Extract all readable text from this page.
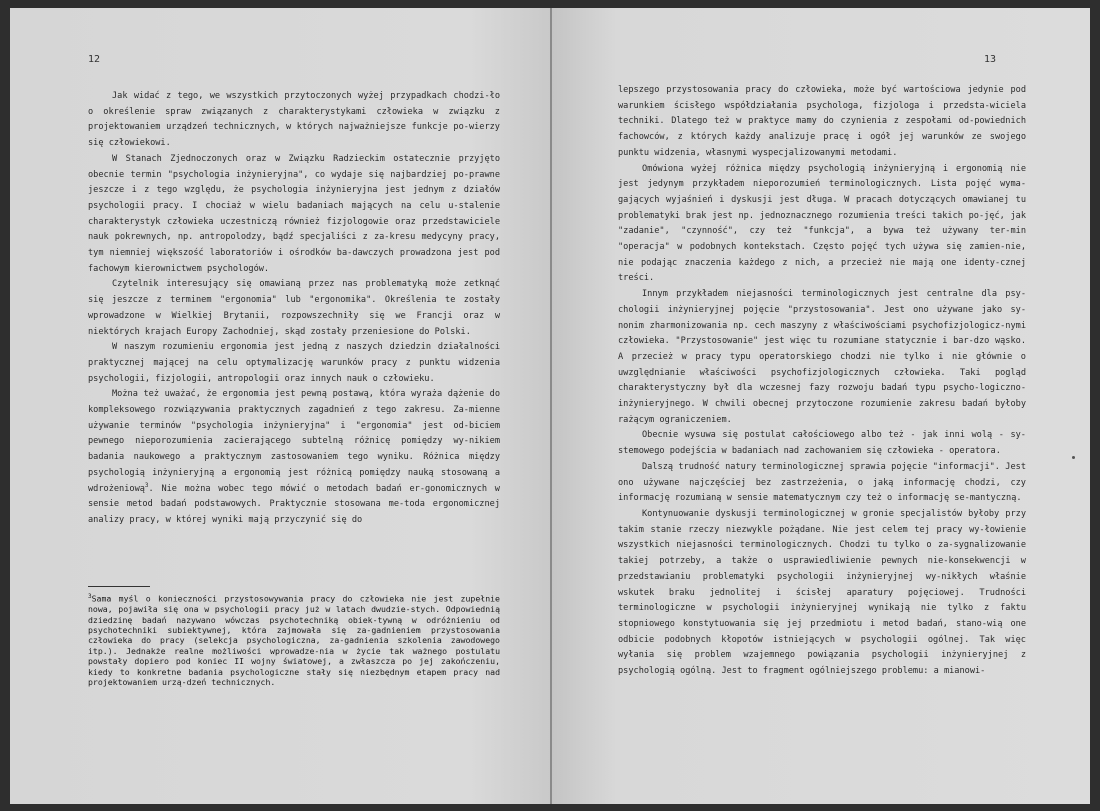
12

Jak widać z tego, we wszystkich przytoczonych wyżej przypadkach chodzi-ło o określenie spraw związanych z charakterystykami człowieka w związku z projektowaniem urządzeń technicznych, w których najważniejsze funkcje po-wierzy się człowiekowi.

W Stanach Zjednoczonych oraz w Związku Radzieckim ostatecznie przyjęto obecnie termin "psychologia inżynieryjna", co wydaje się najbardziej po-prawne jeszcze i z tego względu, że psychologia inżynieryjna jest jednym z działów psychologii pracy. I chociaż w wielu badaniach mających na celu u-stalenie charakterystyk człowieka uczestniczą również fizjologowie oraz przedstawiciele nauk pokrewnych, np. antropolodzy, bądź specjaliści z za-kresu medycyny pracy, tym niemniej większość laboratoriów i ośrodków ba-dawczych prowadzona jest pod fachowym kierownictwem psychologów.

Czytelnik interesujący się omawianą przez nas problematyką może zetknąć się jeszcze z terminem "ergonomia" lub "ergonomika". Określenia te zostały wprowadzone w Wielkiej Brytanii, rozpowszechniły się we Francji oraz w niektórych krajach Europy Zachodniej, skąd zostały przeniesione do Polski.

W naszym rozumieniu ergonomia jest jedną z naszych dziedzin działalności praktycznej mającej na celu optymalizację warunków pracy z punktu widzenia psychologii, fizjologii, antropologii oraz innych nauk o człowieku.

Można też uważać, że ergonomia jest pewną postawą, która wyraża dążenie do kompleksowego rozwiązywania praktycznych zagadnień z tego zakresu. Za-mienne używanie terminów "psychologia inżynieryjna" i "ergonomia" jest od-biciem pewnego nieporozumienia zacierającego subtelną różnicę pomiędzy wy-nikiem badania naukowego a praktycznym zastosowaniem tego wyniku. Różnica między psychologią inżynieryjną a ergonomią jest różnicą pomiędzy nauką stosowaną a wdrożeniową$^3$. Nie można wobec tego mówić o metodach badań er-gonomicznych w sensie metod badań podstawowych. Praktycznie stosowana me-toda ergonomicznej analizy pracy, w której wyniki mają przyczynić się do

$^3$Sama myśl o konieczności przystosowywania pracy do człowieka nie jest zupełnie nowa, pojawiła się ona w psychologii pracy już w latach dwudzie-stych. Odpowiednią dziedzinę badań nazywano wówczas psychotechniką obiek-tywną w odróżnieniu od psychotechniki subiektywnej, która zajmowała się za-gadnieniem przystosowania człowieka do pracy (selekcja psychologiczna, za-gadnienia szkolenia zawodowego itp.). Jednakże realne możliwości wprowadze-nia w życie tak ważnego postulatu powstały dopiero pod koniec II wojny światowej, a zwłaszcza po jej zakończeniu, kiedy to konkretne badania psychologiczne stały się niezbędnym etapem pracy nad projektowaniem urzą-dzeń technicznych.
13

lepszego przystosowania pracy do człowieka, może być wartościowa jedynie pod warunkiem ścisłego współdziałania psychologa, fizjologa i przedsta-wiciela techniki. Dlatego też w praktyce mamy do czynienia z zespołami od-powiednich fachowców, z których każdy analizuje pracę i ogół jej warunków ze swojego punktu widzenia, własnymi wyspecjalizowanymi metodami.

Omówiona wyżej różnica między psychologią inżynieryjną i ergonomią nie jest jedynym przykładem nieporozumień terminologicznych. Lista pojęć wyma-gających wyjaśnień i dyskusji jest długa. W pracach dotyczących omawianej tu problematyki brak jest np. jednoznacznego rozumienia treści takich po-jęć, jak "zadanie", "czynność", czy też "funkcja", a bywa też używany ter-min "operacja" w podobnych kontekstach. Często pojęć tych używa się zamien-nie, nie podając znaczenia każdego z nich, a przecież nie mają one identy-cznej treści.

Innym przykładem niejasności terminologicznych jest centralne dla psy-chologii inżynieryjnej pojęcie "przystosowania". Jest ono używane jako sy-nonim zharmonizowania np. cech maszyny z właściwościami psychofizjologicz-nymi człowieka. "Przystosowanie" jest więc tu rozumiane statycznie i bar-dzo wąsko. A przecież w pracy typu operatorskiego chodzi nie tylko i nie głównie o uwzględnianie właściwości psychofizjologicznych człowieka. Taki pogląd charakterystyczny był dla wczesnej fazy rozwoju badań typu psycho-logiczno-inżynieryjnego. W chwili obecnej przytoczone rozumienie zakresu badań byłoby rażącym ograniczeniem.

Obecnie wysuwa się postulat całościowego albo też - jak inni wolą - sy-stemowego podejścia w badaniach nad zachowaniem się człowieka - operatora.

Dalszą trudność natury terminologicznej sprawia pojęcie "informacji". Jest ono używane najczęściej bez zastrzeżenia, o jaką informację chodzi, czy informację rozumianą w sensie matematycznym czy też o informację se-mantyczną.

Kontynuowanie dyskusji terminologicznej w gronie specjalistów byłoby przy takim stanie rzeczy niezwykle pożądane. Nie jest celem tej pracy wy-łowienie wszystkich niejasności terminologicznych. Chodzi tu tylko o za-sygnalizowanie takiej potrzeby, a także o usprawiedliwienie pewnych nie-konsekwencji w przedstawianiu problematyki psychologii inżynieryjnej wy-nikłych właśnie wskutek braku jednolitej i ścisłej aparatury pojęciowej. Trudności terminologiczne w psychologii inżynieryjnej wynikają nie tylko z faktu stopniowego konstytuowania się jej przedmiotu i metod badań, stano-wią one odbicie podobnych kłopotów istniejących w psychologii ogólnej. Tak więc wyłania się problem wzajemnego powiązania psychologii inżynieryjnej z psychologią ogólną. Jest to fragment ogólniejszego problemu: a mianowi-
